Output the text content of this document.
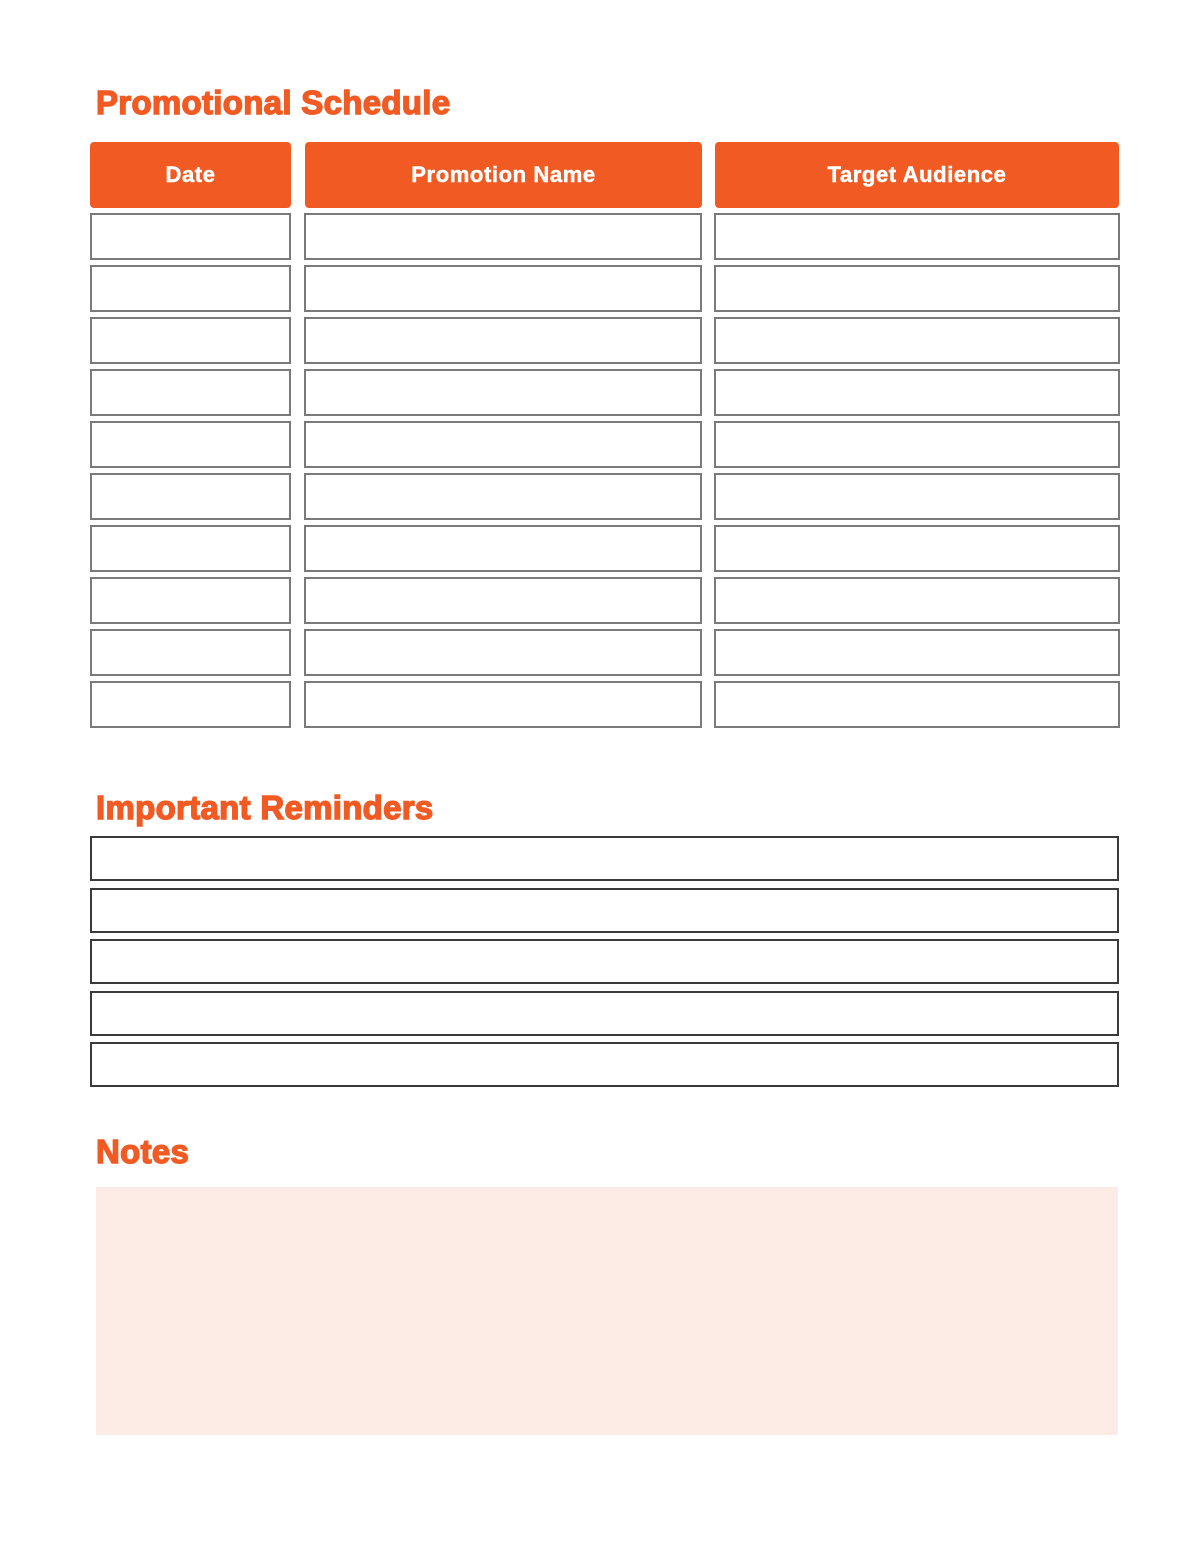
Promotional Schedule
Date	Promotion Name	Target Audience
Important Reminders
Notes
